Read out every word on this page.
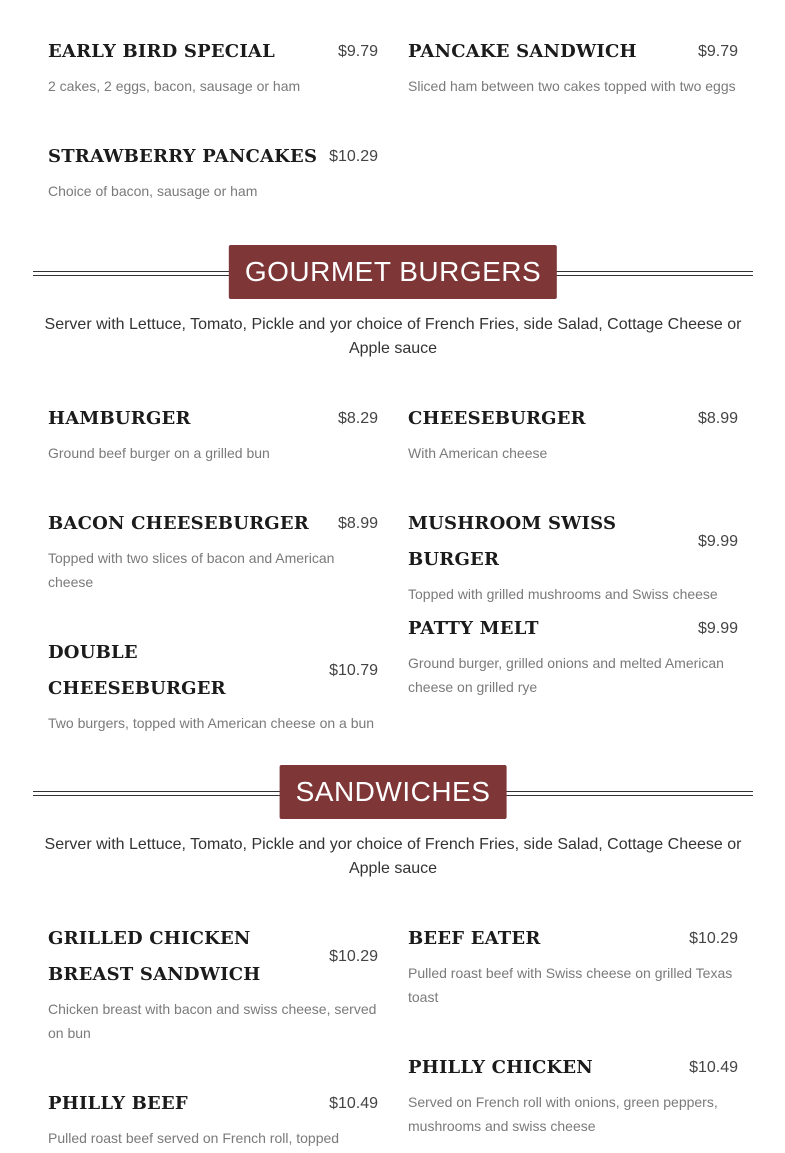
EARLY BIRD SPECIAL	$9.79
2 cakes, 2 eggs, bacon, sausage or ham
PANCAKE SANDWICH	$9.79
Sliced ham between two cakes topped with two eggs
STRAWBERRY PANCAKES $10.29
Choice of bacon, sausage or ham
GOURMET BURGERS
Server with Lettuce, Tomato, Pickle and yor choice of French Fries, side Salad, Cottage Cheese or Apple sauce
HAMBURGER	$8.29
Ground beef burger on a grilled bun
CHEESEBURGER	$8.99
With American cheese
BACON CHEESEBURGER $8.99
Topped with two slices of bacon and American cheese
MUSHROOM SWISS BURGER
$9.99
Topped with grilled mushrooms and Swiss cheese
PATTY MELT	$9.99
Ground burger, grilled onions and melted American cheese on grilled rye
DOUBLE CHEESEBURGER
$10.79
Two burgers, topped with American cheese on a bun
SANDWICHES
Server with Lettuce, Tomato, Pickle and yor choice of French Fries, side Salad, Cottage Cheese or Apple sauce
GRILLED CHICKEN BREAST SANDWICH
$10.29
Chicken breast with bacon and swiss cheese, served on bun
BEEF EATER	$10.29
Pulled roast beef with Swiss cheese on grilled Texas toast
PHILLY CHICKEN	$10.49
Served on French roll with onions, green peppers, mushrooms and swiss cheese
PHILLY BEEF	$10.49
Pulled roast beef served on French roll, topped
